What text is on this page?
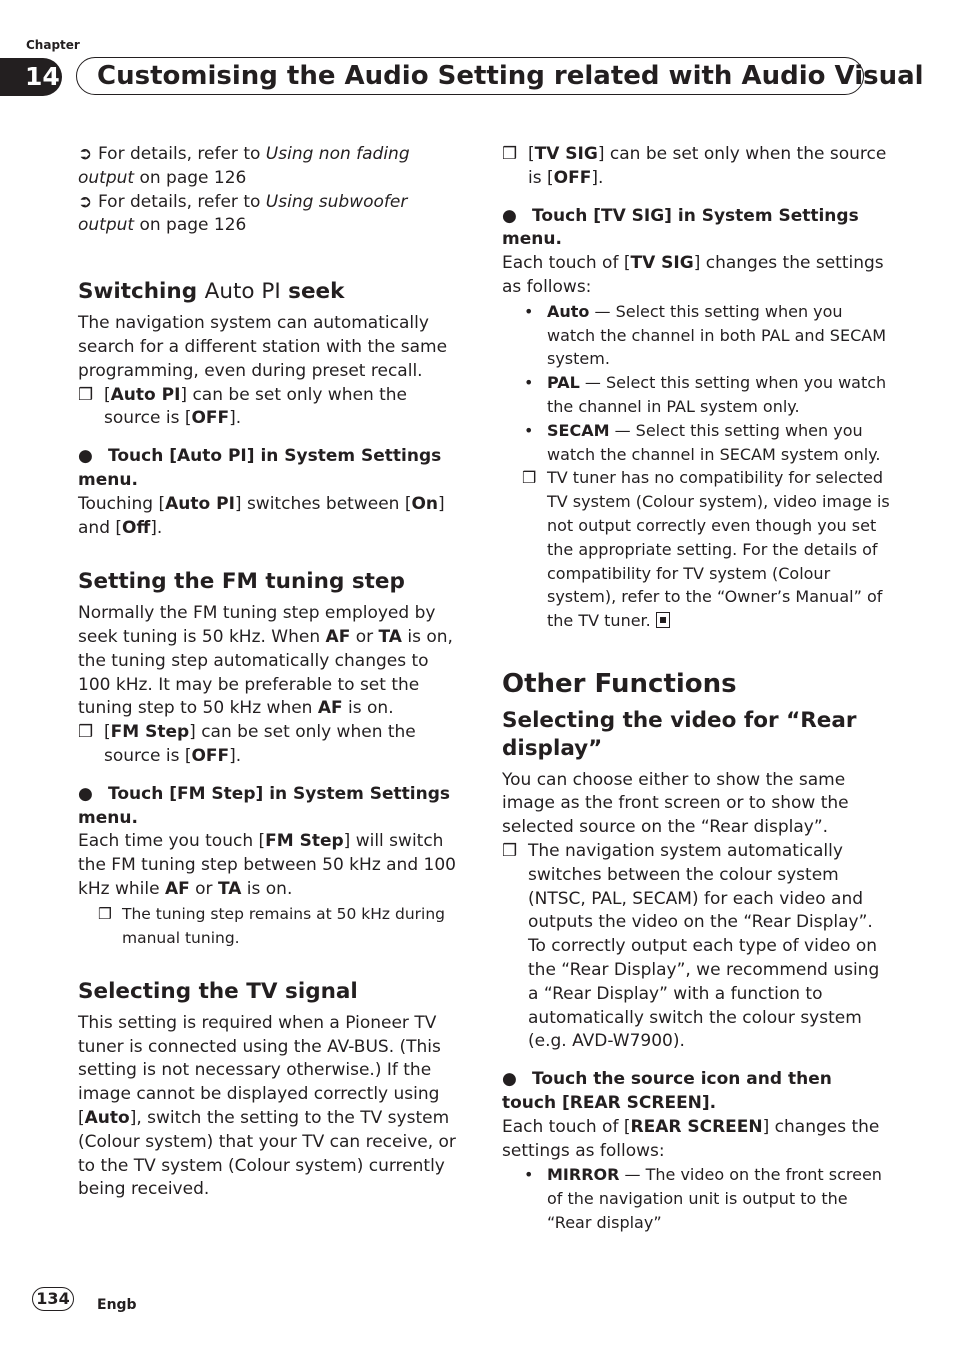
Chapter
14	Customising the Audio Setting related with Audio Visual

➲ For details, refer to Using non fading output on page 126

➲ For details, refer to Using subwoofer output on page 126

Switching Auto PI seek

The navigation system can automatically search for a different station with the same programming, even during preset recall.

❒ [Auto PI] can be set only when the source is [OFF].
● Touch [Auto PI] in System Settings menu.

Touching [Auto PI] switches between [On] and [Off].

Setting the FM tuning step

Normally the FM tuning step employed by seek tuning is 50 kHz. When AF or TA is on, the tuning step automatically changes to 100 kHz. It may be preferable to set the tuning step to 50 kHz when AF is on.

❒ [FM Step] can be set only when the source is [OFF].
● Touch [FM Step] in System Settings menu.

Each time you touch [FM Step] will switch the FM tuning step between 50 kHz and 100 kHz while AF or TA is on.

❒ The tuning step remains at 50 kHz during manual tuning.
Selecting the TV signal

This setting is required when a Pioneer TV tuner is connected using the AV-BUS. (This setting is not necessary otherwise.) If the image cannot be displayed correctly using [Auto], switch the setting to the TV system (Colour system) that your TV can receive, or to the TV system (Colour system) currently being received.

❒ [TV SIG] can be set only when the source is [OFF].
● Touch [TV SIG] in System Settings menu.

Each touch of [TV SIG] changes the settings as follows:

• Auto — Select this setting when you watch the channel in both PAL and SECAM system.
• PAL — Select this setting when you watch the channel in PAL system only.
• SECAM — Select this setting when you watch the channel in SECAM system only.
❒ TV tuner has no compatibility for selected TV system (Colour system), video image is not output correctly even though you set the appropriate setting. For the details of compatibility for TV system (Colour system), refer to the “Owner’s Manual” of the TV tuner.
Other Functions
Selecting the video for “Rear display”

You can choose either to show the same image as the front screen or to show the selected source on the “Rear display”.

❒ The navigation system automatically switches between the colour system (NTSC, PAL, SECAM) for each video and outputs the video on the “Rear Display”. To correctly output each type of video on the “Rear Display”, we recommend using a “Rear Display” with a function to automatically switch the colour system (e.g. AVD-W7900).
● Touch the source icon and then touch [REAR SCREEN].

Each touch of [REAR SCREEN] changes the settings as follows:

• MIRROR — The video on the front screen of the navigation unit is output to the “Rear display”
134	Engb
